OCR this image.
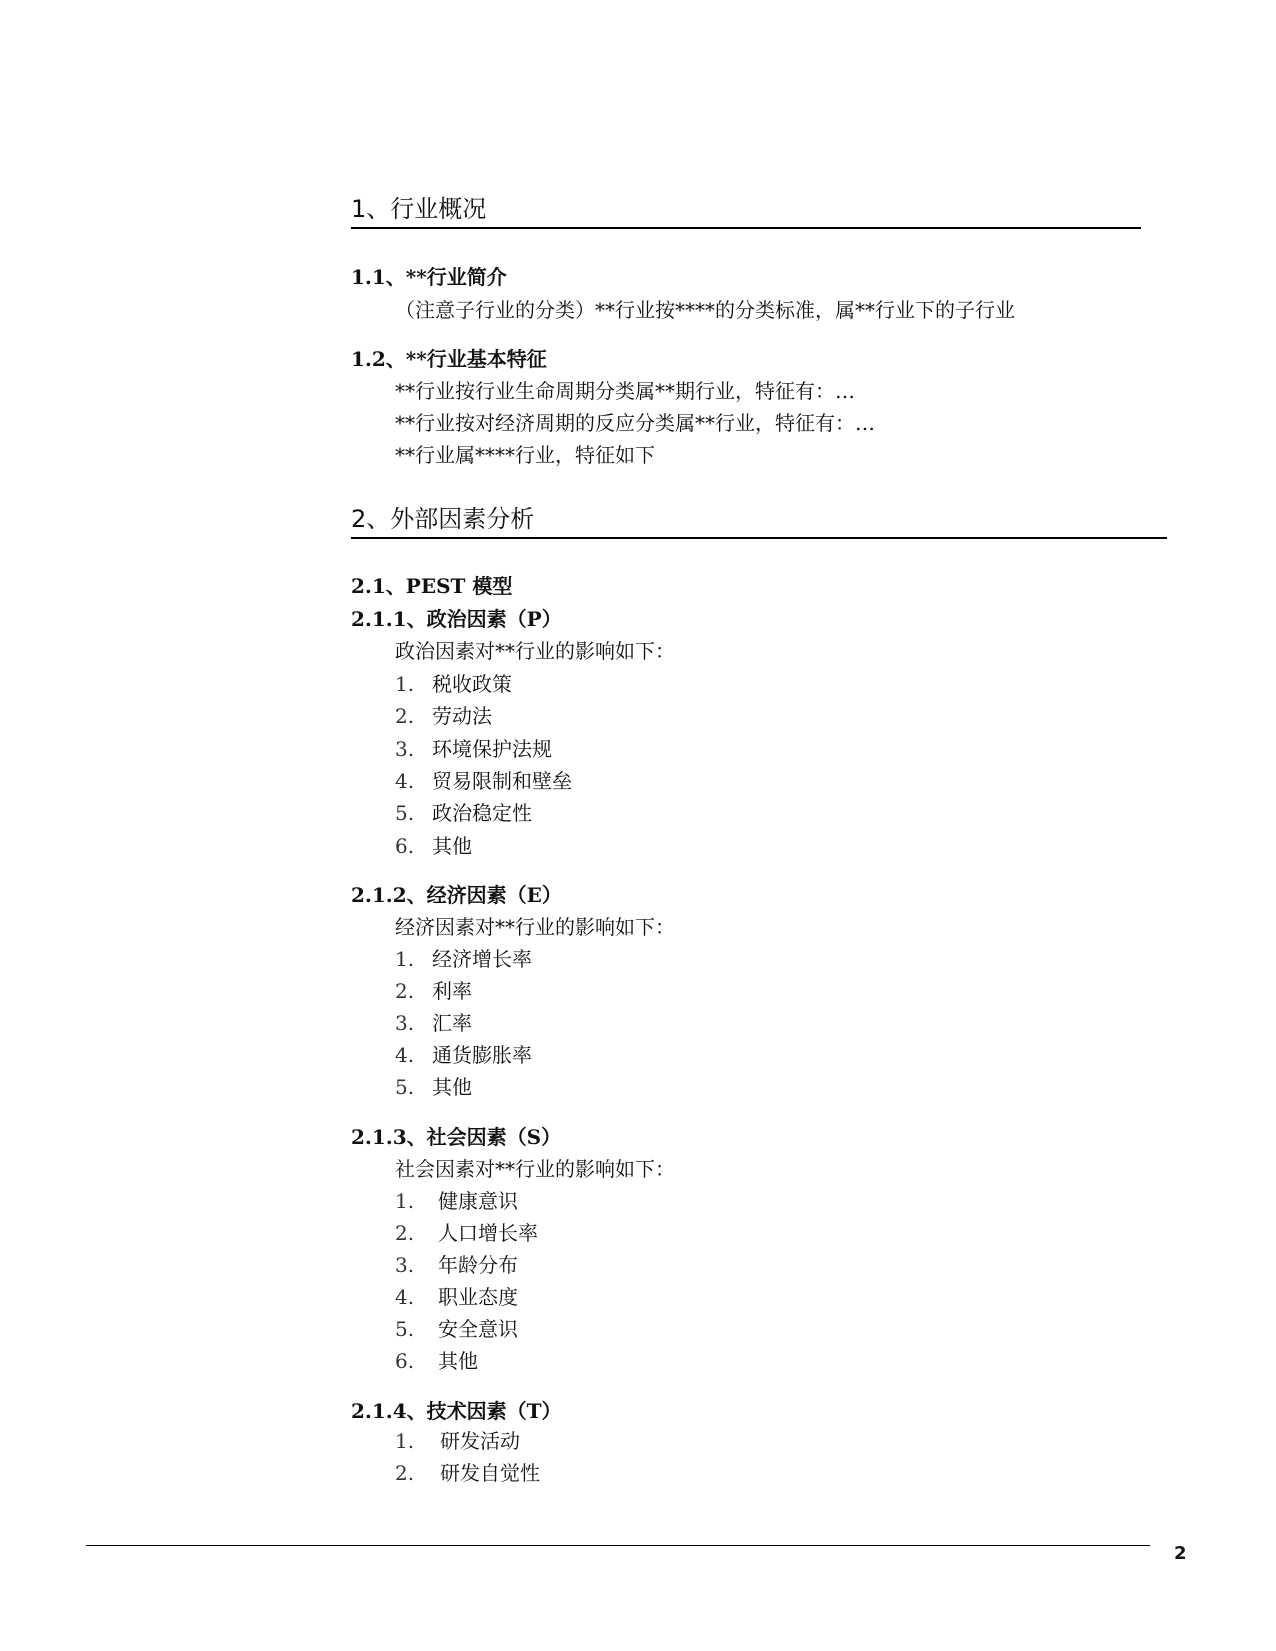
1、行业概况
1.1、**行业简介
（注意子行业的分类）**行业按****的分类标准，属**行业下的子行业
1.2、**行业基本特征
**行业按行业生命周期分类属**期行业，特征有：…
**行业按对经济周期的反应分类属**行业，特征有：…
**行业属****行业，特征如下
2、外部因素分析
2.1、PEST 模型
2.1.1、政治因素（P）
政治因素对**行业的影响如下：
1. 税收政策
2. 劳动法
3. 环境保护法规
4. 贸易限制和壁垒
5. 政治稳定性
6. 其他
2.1.2、经济因素（E）
经济因素对**行业的影响如下：
1. 经济增长率
2. 利率
3. 汇率
4. 通货膨胀率
5. 其他
2.1.3、社会因素（S）
社会因素对**行业的影响如下：
1. 健康意识
2. 人口增长率
3. 年龄分布
4. 职业态度
5. 安全意识
6. 其他
2.1.4、技术因素（T）
1. 研发活动
2. 研发自觉性
2
